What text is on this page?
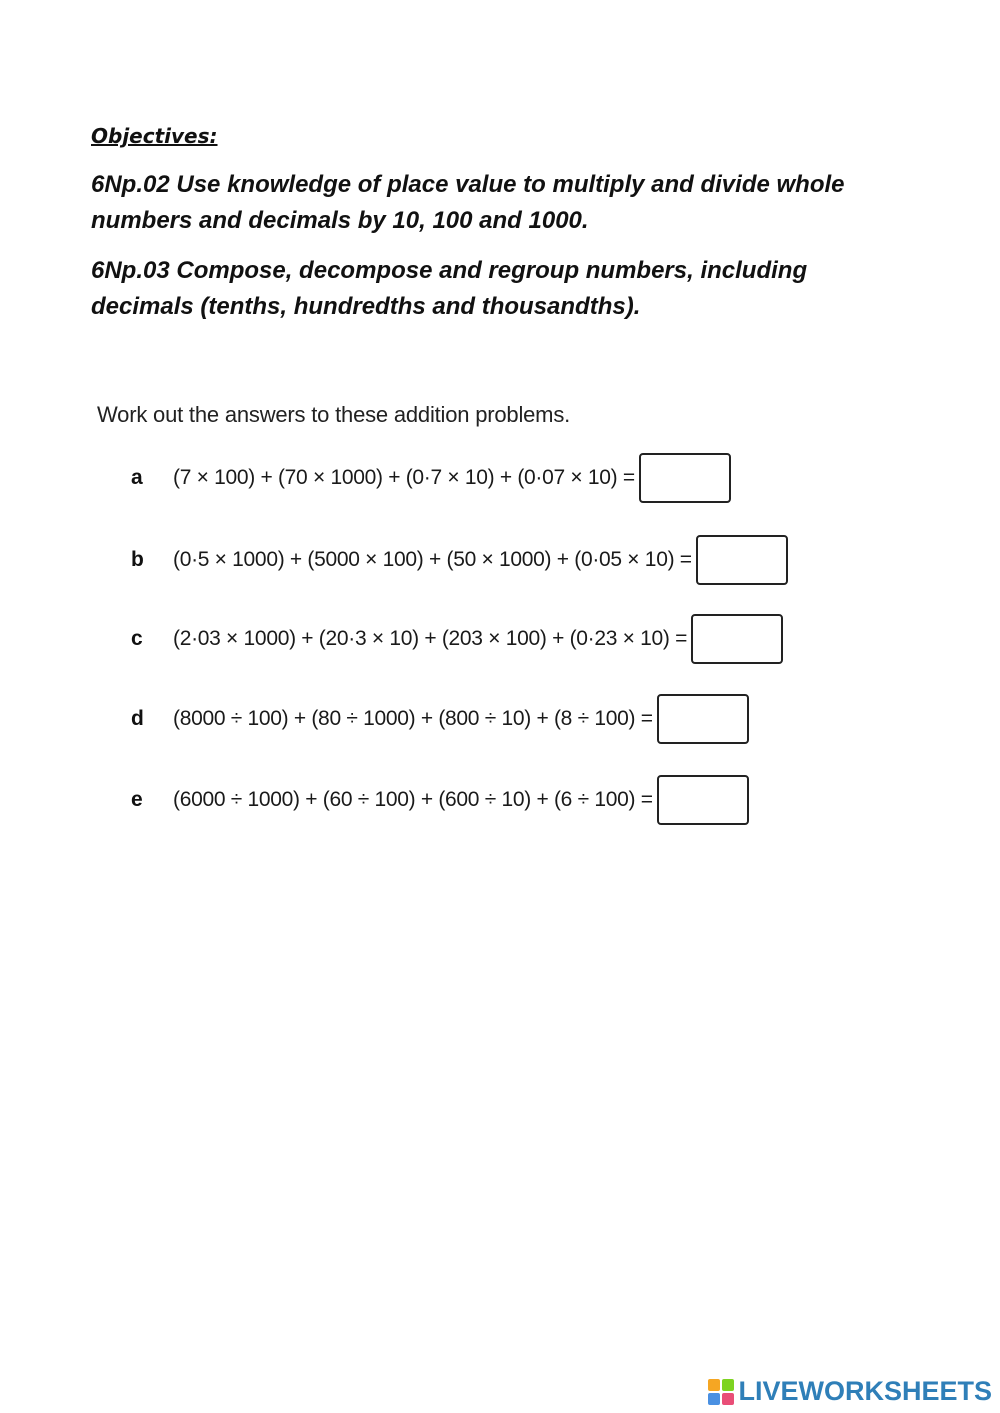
Objectives:
6Np.02 Use knowledge of place value to multiply and divide whole numbers and decimals by 10, 100 and 1000.
6Np.03 Compose, decompose and regroup numbers, including decimals (tenths, hundredths and thousandths).
Work out the answers to these addition problems.
a	(7 × 100) + (70 × 1000) + (0·7 × 10) + (0·07 × 10) =
b	(0·5 × 1000) + (5000 × 100) + (50 × 1000) + (0·05 × 10) =
c	(2·03 × 1000) + (20·3 × 10) + (203 × 100) + (0·23 × 10) =
d	(8000 ÷ 100) + (80 ÷ 1000) + (800 ÷ 10) + (8 ÷ 100) =
e	(6000 ÷ 1000) + (60 ÷ 100) + (600 ÷ 10) + (6 ÷ 100) =
LIVEWORKSHEETS
